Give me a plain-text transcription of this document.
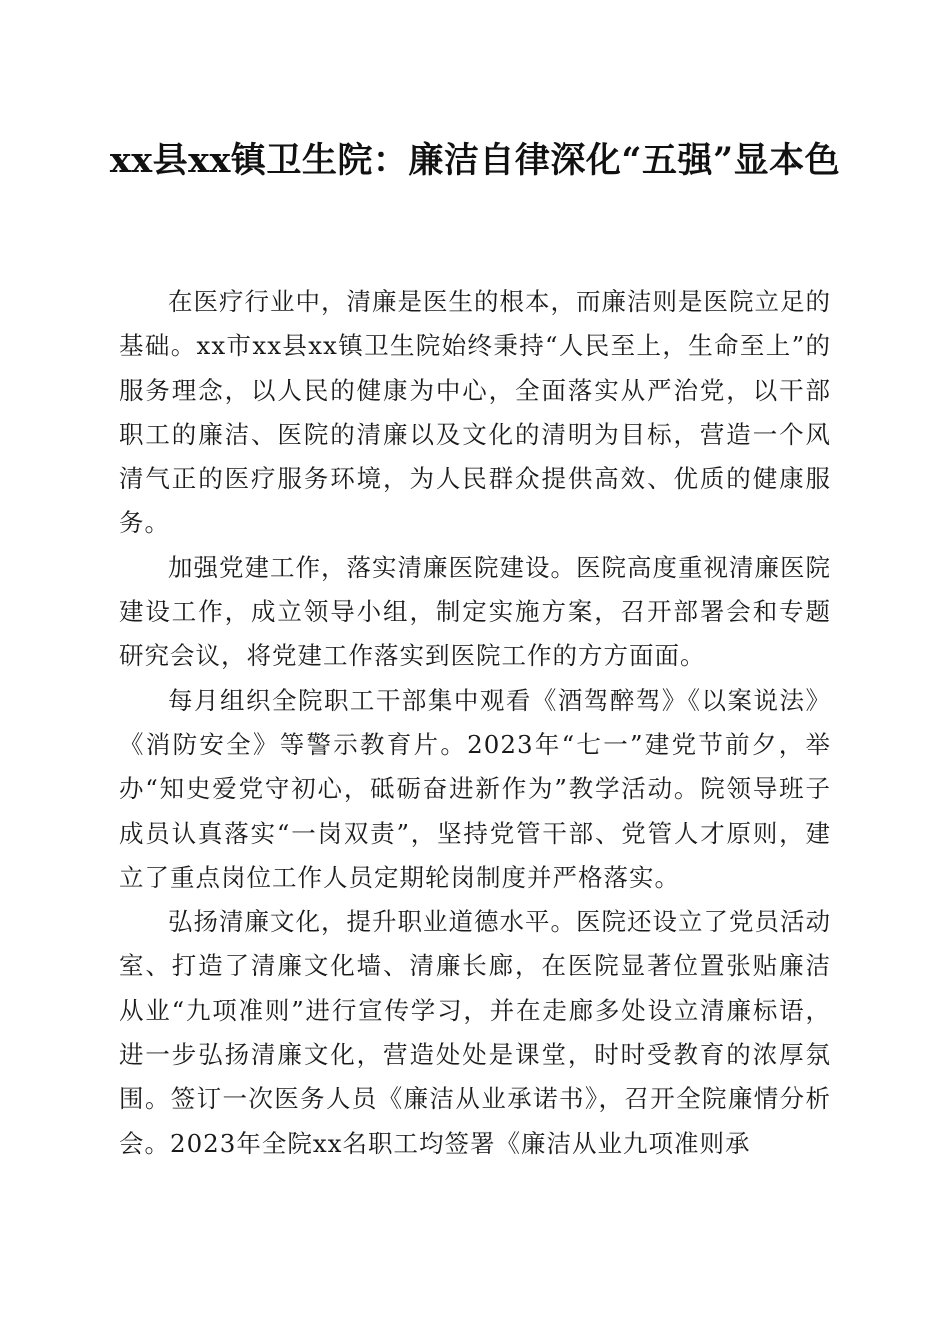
xx县xx镇卫生院：廉洁自律深化“五强”显本色

在医疗行业中，清廉是医生的根本，而廉洁则是医院立足的基础。xx市xx县xx镇卫生院始终秉持“人民至上，生命至上”的服务理念，以人民的健康为中心，全面落实从严治党，以干部职工的廉洁、医院的清廉以及文化的清明为目标，营造一个风清气正的医疗服务环境，为人民群众提供高效、优质的健康服务。

加强党建工作，落实清廉医院建设。医院高度重视清廉医院建设工作，成立领导小组，制定实施方案，召开部署会和专题研究会议，将党建工作落实到医院工作的方方面面。

每月组织全院职工干部集中观看《酒驾醉驾》《以案说法》《消防安全》等警示教育片。2023年“七一”建党节前夕，举办“知史爱党守初心，砥砺奋进新作为”教学活动。院领导班子成员认真落实“一岗双责”，坚持党管干部、党管人才原则，建立了重点岗位工作人员定期轮岗制度并严格落实。

弘扬清廉文化，提升职业道德水平。医院还设立了党员活动室、打造了清廉文化墙、清廉长廊，在医院显著位置张贴廉洁从业“九项准则”进行宣传学习，并在走廊多处设立清廉标语，进一步弘扬清廉文化，营造处处是课堂，时时受教育的浓厚氛围。签订一次医务人员《廉洁从业承诺书》，召开全院廉情分析会。2023年全院xx名职工均签署《廉洁从业九项准则承
